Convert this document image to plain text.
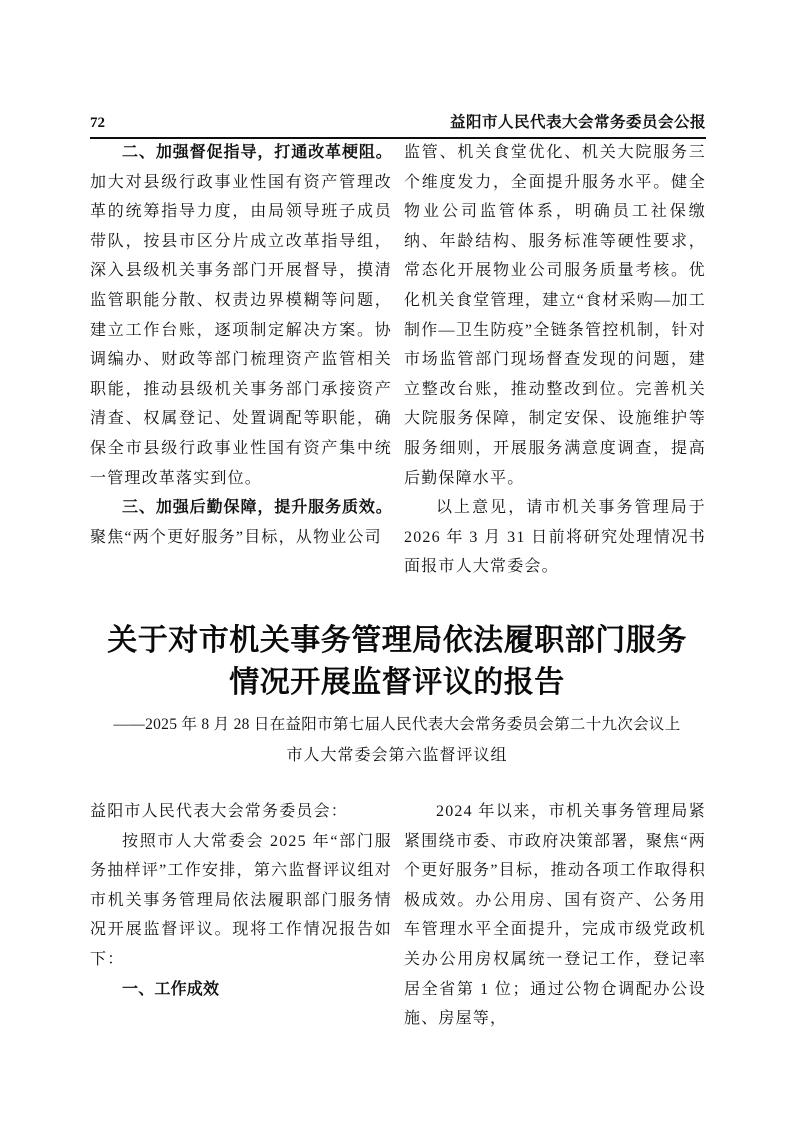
72	益阳市人民代表大会常务委员会公报

二、加强督促指导，打通改革梗阻。加大对县级行政事业性国有资产管理改革的统筹指导力度，由局领导班子成员带队，按县市区分片成立改革指导组，深入县级机关事务部门开展督导，摸清监管职能分散、权责边界模糊等问题，建立工作台账，逐项制定解决方案。协调编办、财政等部门梳理资产监管相关职能，推动县级机关事务部门承接资产清查、权属登记、处置调配等职能，确保全市县级行政事业性国有资产集中统一管理改革落实到位。

三、加强后勤保障，提升服务质效。聚焦“两个更好服务”目标，从物业公司

监管、机关食堂优化、机关大院服务三个维度发力，全面提升服务水平。健全物业公司监管体系，明确员工社保缴纳、年龄结构、服务标准等硬性要求，常态化开展物业公司服务质量考核。优化机关食堂管理，建立“食材采购—加工制作—卫生防疫”全链条管控机制，针对市场监管部门现场督查发现的问题，建立整改台账，推动整改到位。完善机关大院服务保障，制定安保、设施维护等服务细则，开展服务满意度调查，提高后勤保障水平。

以上意见，请市机关事务管理局于 2026 年 3 月 31 日前将研究处理情况书面报市人大常委会。

关于对市机关事务管理局依法履职部门服务
情况开展监督评议的报告

——2025 年 8 月 28 日在益阳市第七届人民代表大会常务委员会第二十九次会议上

市人大常委会第六监督评议组

益阳市人民代表大会常务委员会：

按照市人大常委会 2025 年“部门服务抽样评”工作安排，第六监督评议组对市机关事务管理局依法履职部门服务情况开展监督评议。现将工作情况报告如下：

一、工作成效

2024 年以来，市机关事务管理局紧紧围绕市委、市政府决策部署，聚焦“两个更好服务”目标，推动各项工作取得积极成效。办公用房、国有资产、公务用车管理水平全面提升，完成市级党政机关办公用房权属统一登记工作，登记率居全省第 1 位；通过公物仓调配办公设施、房屋等，
